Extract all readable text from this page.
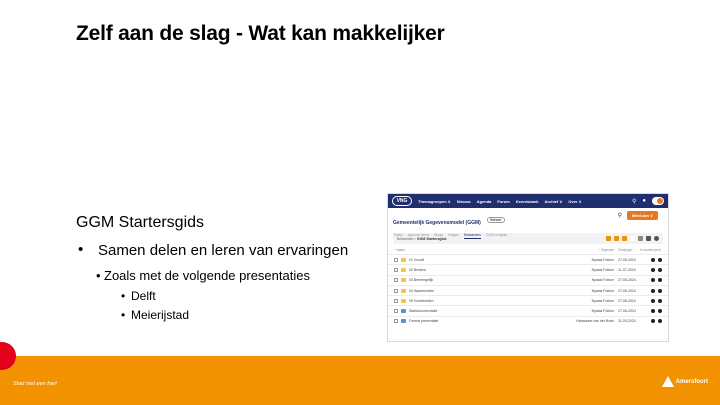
Zelf aan de slag - Wat kan makkelijker
GGM Startersgids
• Samen delen en leren van ervaringen
• Zoals met de volgende presentaties
• Delft
• Meierijstad
VNG	Themagroepen ∨ Nieuws Agenda Forum Kennisbank Archief ∨ Over ∨	⚲ ●
Gemeentelijk Gegevensmodel (GGM) Beheer
⚲	Meld aan ∨
Tijdlijn Agenda items Blogs Vragen Bestanden GGM Insights
Bestanden › GGM Startersgids
↑ Naam	↑ Eigenaar Gewijzigd ↑	# voorkeur(en)
01 Vooraf	Nyasia Foltum 27-06-2024
02 Beslent	Nyasia Foltum 11-07-2024
03 Beheergelijk	Nyasia Foltum 27-06-2024
04 Waarmorden	Nyasia Foltum 27-06-2024
05 Voorbeelden	Nyasia Foltum 27-06-2024
Startdocumentatie	Nyasia Foltum 27-06-2024
Format presentatie	Hanaanne van der Boek 11-09-2024
Stad met een hart	Amersfoort
